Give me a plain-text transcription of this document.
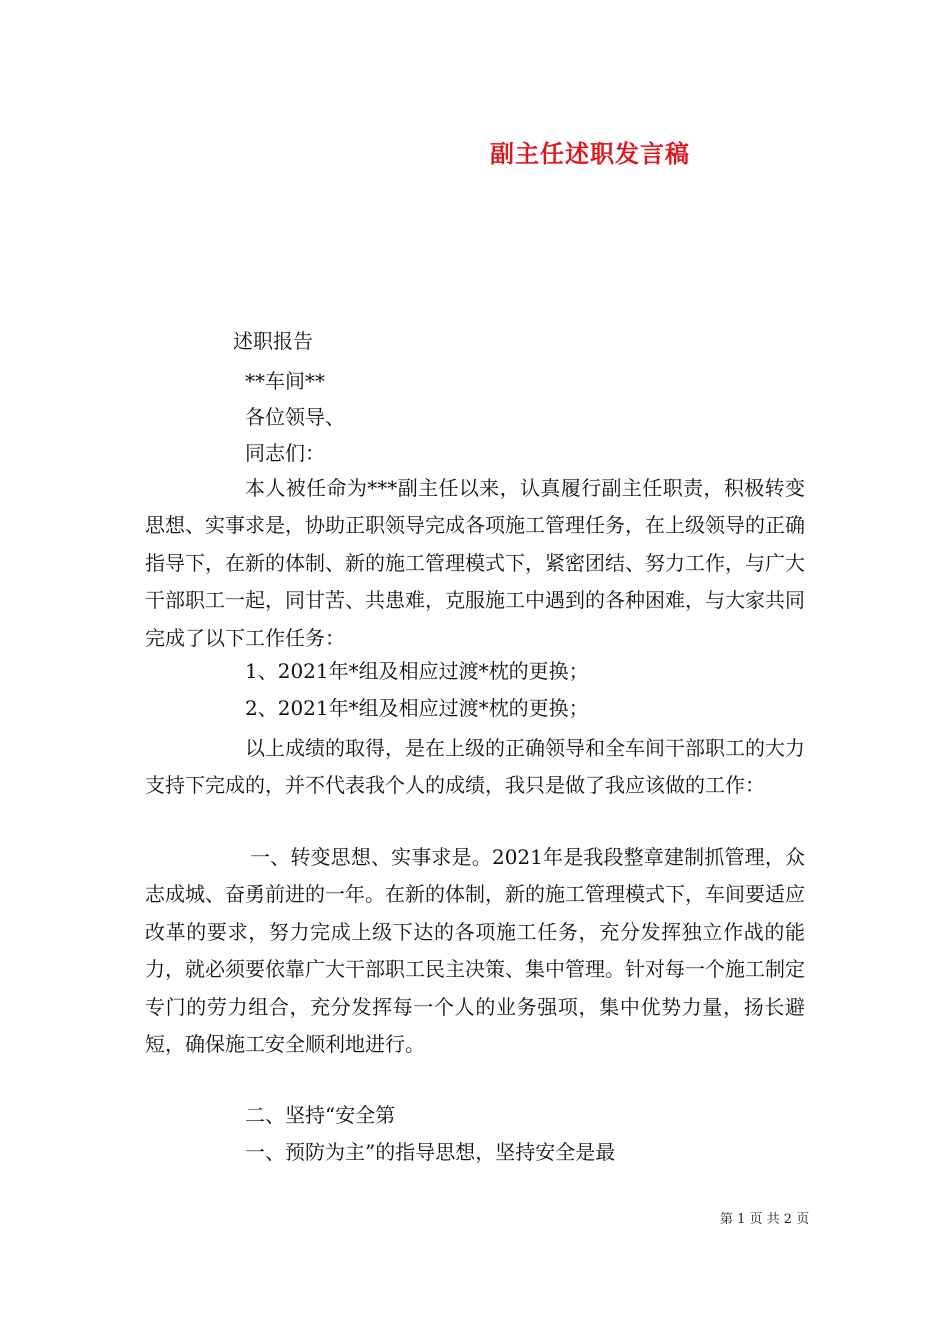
副主任述职发言稿
述职报告
**车间**
各位领导、
同志们：
本人被任命为***副主任以来，认真履行副主任职责，积极转变思想、实事求是，协助正职领导完成各项施工管理任务，在上级领导的正确指导下，在新的体制、新的施工管理模式下，紧密团结、努力工作，与广大干部职工一起，同甘苦、共患难，克服施工中遇到的各种困难，与大家共同完成了以下工作任务：
1、2021年*组及相应过渡*枕的更换；
2、2021年*组及相应过渡*枕的更换；
以上成绩的取得，是在上级的正确领导和全车间干部职工的大力支持下完成的，并不代表我个人的成绩，我只是做了我应该做的工作：
一、转变思想、实事求是。2021年是我段整章建制抓管理，众志成城、奋勇前进的一年。在新的体制，新的施工管理模式下，车间要适应改革的要求，努力完成上级下达的各项施工任务，充分发挥独立作战的能力，就必须要依靠广大干部职工民主决策、集中管理。针对每一个施工制定专门的劳力组合，充分发挥每一个人的业务强项，集中优势力量，扬长避短，确保施工安全顺利地进行。
二、坚持“安全第
一、预防为主”的指导思想，坚持安全是最
第 1 页 共 2 页
